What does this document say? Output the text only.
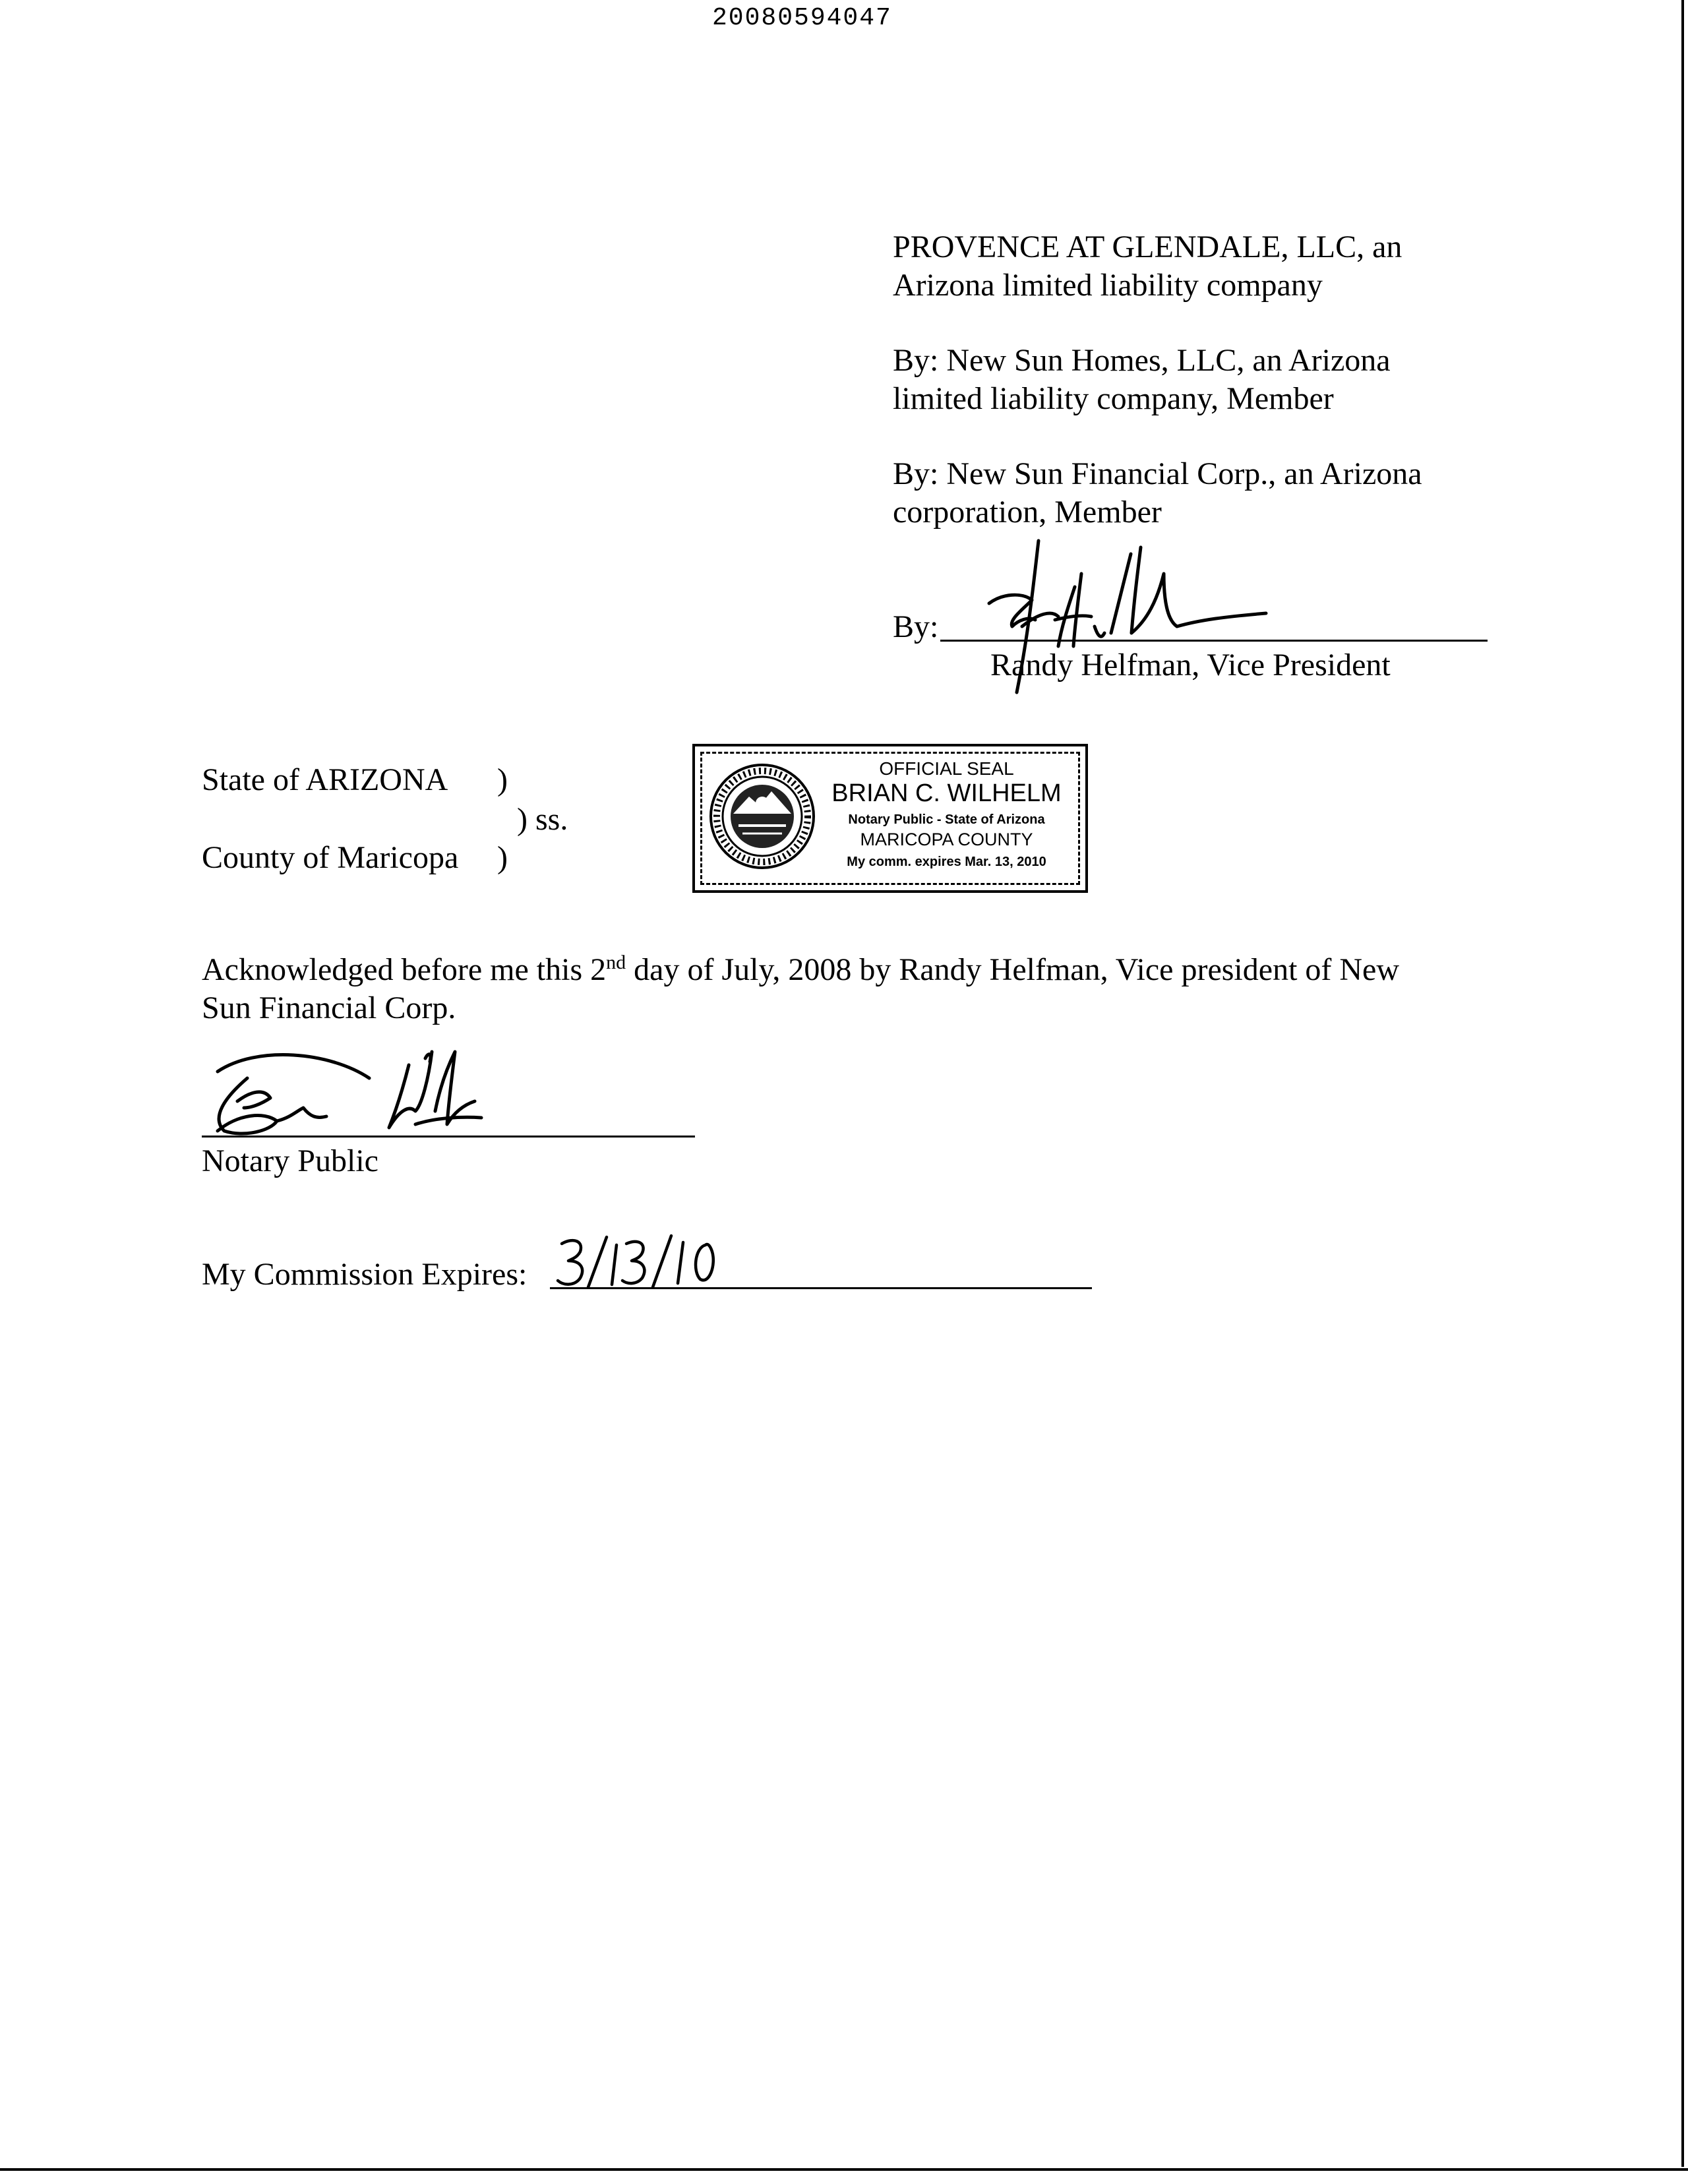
20080594047
PROVENCE AT GLENDALE, LLC, an
Arizona limited liability company
By: New Sun Homes, LLC, an Arizona
limited liability company, Member
By: New Sun Financial Corp., an Arizona
corporation, Member
By:
Randy Helfman, Vice President
State of ARIZONA )
) ss.
County of Maricopa )
OFFICIAL SEAL
BRIAN C. WILHELM
Notary Public - State of Arizona
MARICOPA COUNTY
My comm. expires Mar. 13, 2010
Acknowledged before me this 2nd day of July, 2008 by Randy Helfman, Vice president of New
Sun Financial Corp.
Notary Public
My Commission Expires:
